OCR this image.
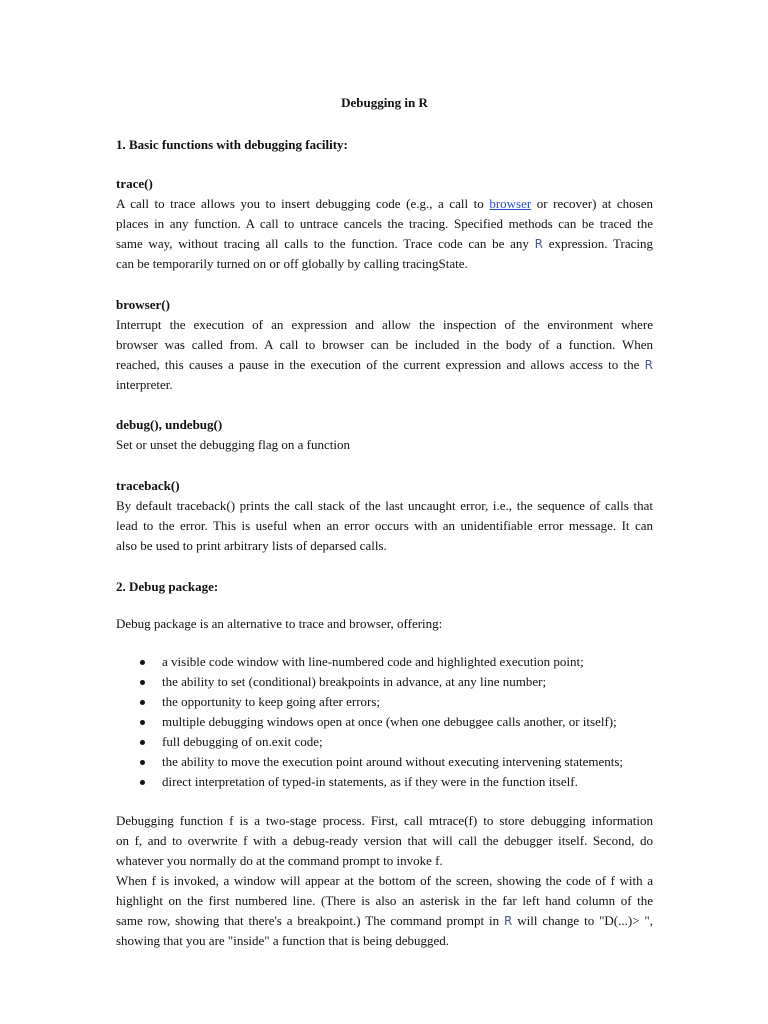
Debugging in R
1. Basic functions with debugging facility:
trace()
A call to trace allows you to insert debugging code (e.g., a call to browser or recover) at chosen
places in any function. A call to untrace cancels the tracing. Specified methods can be traced the
same way, without tracing all calls to the function. Trace code can be any R expression. Tracing
can be temporarily turned on or off globally by calling tracingState.
browser()
Interrupt the execution of an expression and allow the inspection of the environment where
browser was called from. A call to browser can be included in the body of a function. When
reached, this causes a pause in the execution of the current expression and allows access to the R
interpreter.
debug(), undebug()
Set or unset the debugging flag on a function
traceback()
By default traceback() prints the call stack of the last uncaught error, i.e., the sequence of calls that
lead to the error. This is useful when an error occurs with an unidentifiable error message. It can
also be used to print arbitrary lists of deparsed calls.
2. Debug package:
Debug package is an alternative to trace and browser, offering:
a visible code window with line-numbered code and highlighted execution point;
the ability to set (conditional) breakpoints in advance, at any line number;
the opportunity to keep going after errors;
multiple debugging windows open at once (when one debuggee calls another, or itself);
full debugging of on.exit code;
the ability to move the execution point around without executing intervening statements;
direct interpretation of typed-in statements, as if they were in the function itself.
Debugging function f is a two-stage process. First, call mtrace(f) to store debugging information
on f, and to overwrite f with a debug-ready version that will call the debugger itself. Second, do
whatever you normally do at the command prompt to invoke f.
When f is invoked, a window will appear at the bottom of the screen, showing the code of f with a
highlight on the first numbered line. (There is also an asterisk in the far left hand column of the
same row, showing that there's a breakpoint.) The command prompt in R will change to "D(...)> ",
showing that you are "inside" a function that is being debugged.
